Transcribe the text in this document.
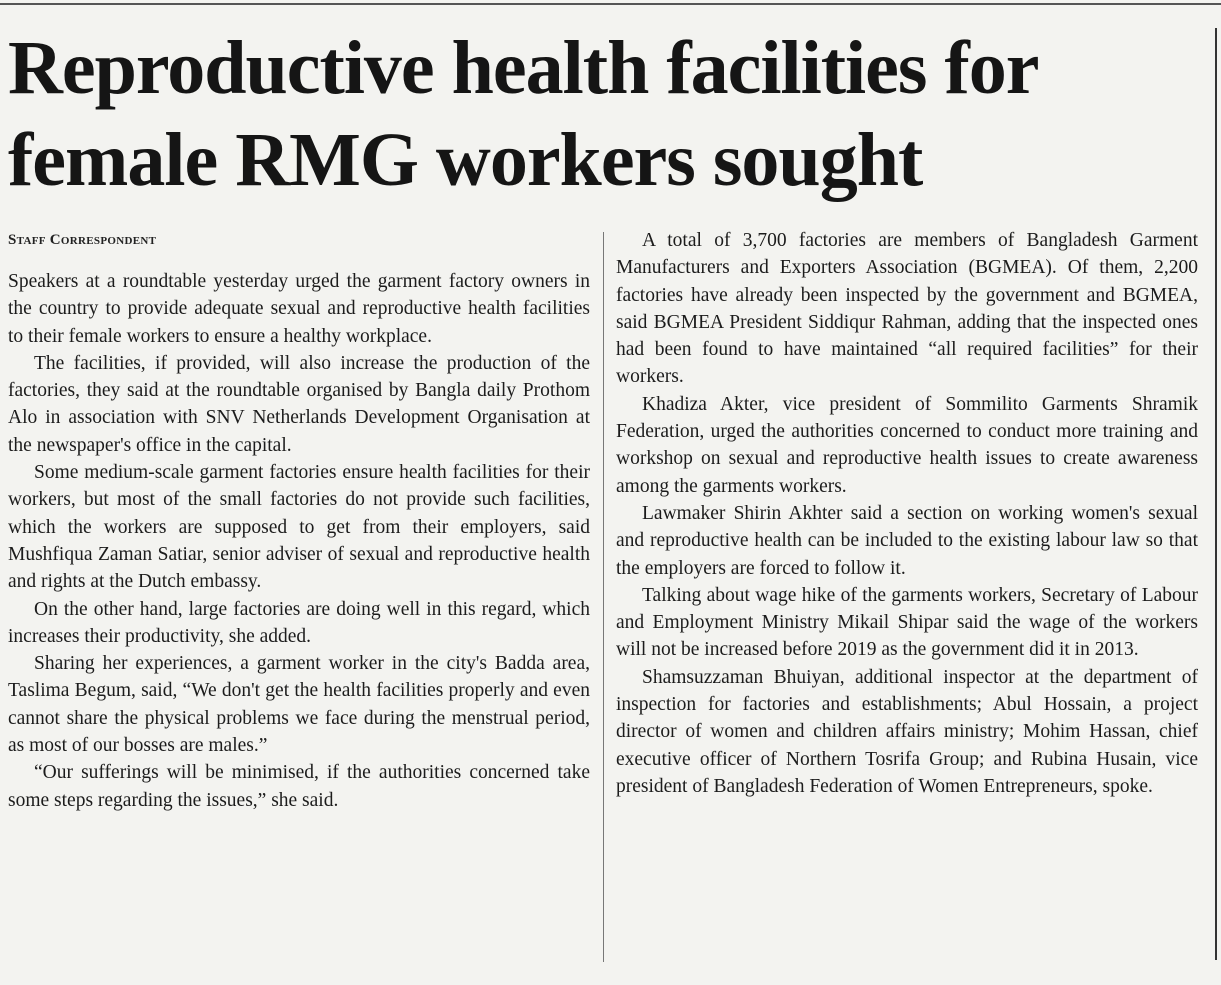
Reproductive health facilities for female RMG workers sought
Staff Correspondent

Speakers at a roundtable yesterday urged the garment factory owners in the country to provide adequate sexual and reproductive health facilities to their female workers to ensure a healthy workplace.

The facilities, if provided, will also increase the production of the factories, they said at the roundtable organised by Bangla daily Prothom Alo in association with SNV Netherlands Development Organisation at the newspaper's office in the capital.

Some medium-scale garment factories ensure health facilities for their workers, but most of the small factories do not provide such facilities, which the workers are supposed to get from their employers, said Mushfiqua Zaman Satiar, senior adviser of sexual and reproductive health and rights at the Dutch embassy.

On the other hand, large factories are doing well in this regard, which increases their productivity, she added.

Sharing her experiences, a garment worker in the city's Badda area, Taslima Begum, said, “We don't get the health facilities properly and even cannot share the physical problems we face during the menstrual period, as most of our bosses are males.”

“Our sufferings will be minimised, if the authorities concerned take some steps regarding the issues,” she said.

A total of 3,700 factories are members of Bangladesh Garment Manufacturers and Exporters Association (BGMEA). Of them, 2,200 factories have already been inspected by the government and BGMEA, said BGMEA President Siddiqur Rahman, adding that the inspected ones had been found to have maintained “all required facilities” for their workers.

Khadiza Akter, vice president of Sommilito Garments Shramik Federation, urged the authorities concerned to conduct more training and workshop on sexual and reproductive health issues to create awareness among the garments workers.

Lawmaker Shirin Akhter said a section on working women's sexual and reproductive health can be included to the existing labour law so that the employers are forced to follow it.

Talking about wage hike of the garments workers, Secretary of Labour and Employment Ministry Mikail Shipar said the wage of the workers will not be increased before 2019 as the government did it in 2013.

Shamsuzzaman Bhuiyan, additional inspector at the department of inspection for factories and establishments; Abul Hossain, a project director of women and children affairs ministry; Mohim Hassan, chief executive officer of Northern Tosrifa Group; and Rubina Husain, vice president of Bangladesh Federation of Women Entrepreneurs, spoke.
